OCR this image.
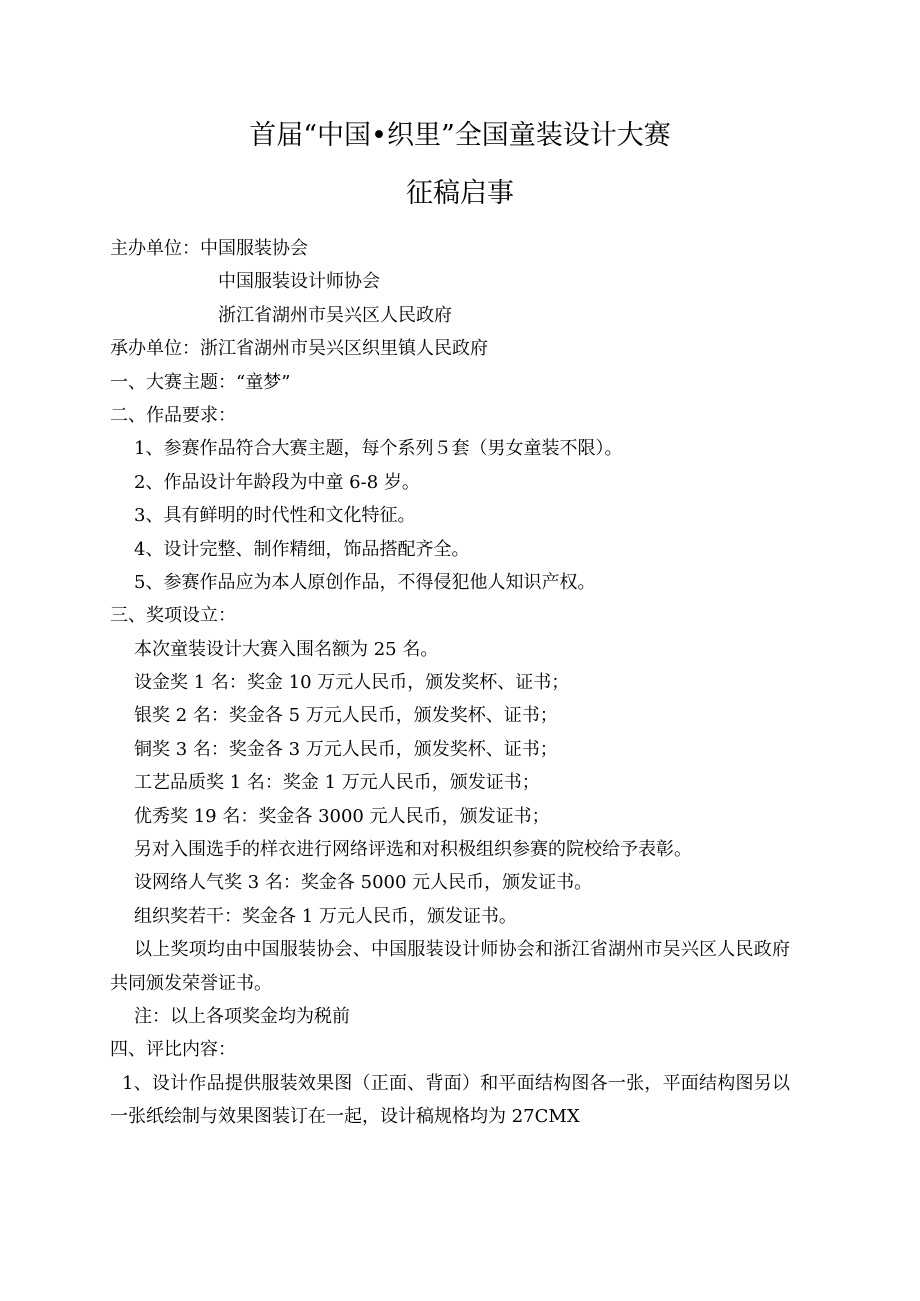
首届“中国•织里”全国童装设计大赛
征稿启事
主办单位：中国服装协会
中国服装设计师协会
浙江省湖州市吴兴区人民政府
承办单位：浙江省湖州市吴兴区织里镇人民政府
一、大赛主题：“童梦”
二、作品要求：
1、参赛作品符合大赛主题，每个系列５套（男女童装不限）。
2、作品设计年龄段为中童 6-8 岁。
3、具有鲜明的时代性和文化特征。
4、设计完整、制作精细，饰品搭配齐全。
5、参赛作品应为本人原创作品，不得侵犯他人知识产权。
三、奖项设立：
本次童装设计大赛入围名额为 25 名。
设金奖 1 名：奖金 10 万元人民币，颁发奖杯、证书；
银奖 2 名：奖金各 5 万元人民币，颁发奖杯、证书；
铜奖 3 名：奖金各 3 万元人民币，颁发奖杯、证书；
工艺品质奖 1 名：奖金 1 万元人民币，颁发证书；
优秀奖 19 名：奖金各 3000 元人民币，颁发证书；
另对入围选手的样衣进行网络评选和对积极组织参赛的院校给予表彰。
设网络人气奖 3 名：奖金各 5000 元人民币，颁发证书。
组织奖若干：奖金各 1 万元人民币，颁发证书。
以上奖项均由中国服装协会、中国服装设计师协会和浙江省湖州市吴兴区人民政府共同颁发荣誉证书。
注：以上各项奖金均为税前
四、评比内容：
1、设计作品提供服装效果图（正面、背面）和平面结构图各一张，平面结构图另以一张纸绘制与效果图装订在一起，设计稿规格均为 27CMX
